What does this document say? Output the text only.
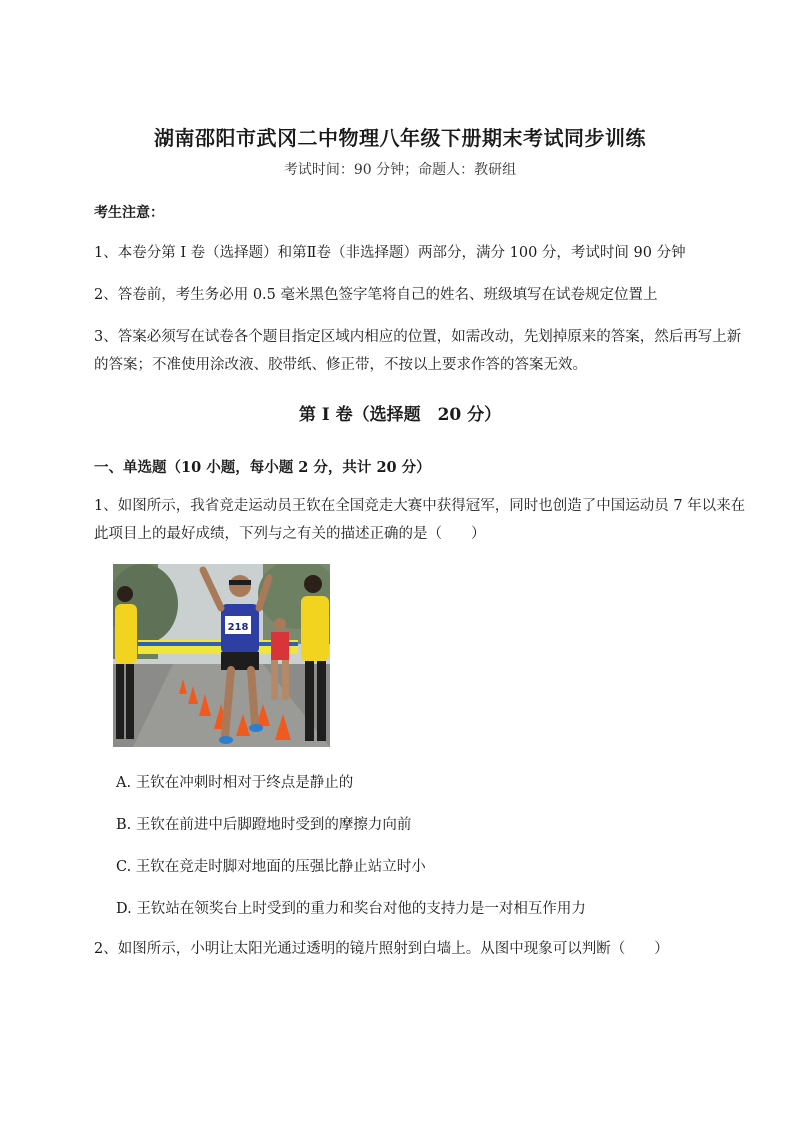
湖南邵阳市武冈二中物理八年级下册期末考试同步训练
考试时间：90 分钟；命题人：教研组
考生注意：
1、本卷分第 I 卷（选择题）和第Ⅱ卷（非选择题）两部分，满分 100 分，考试时间 90 分钟
2、答卷前，考生务必用 0.5 毫米黑色签字笔将自己的姓名、班级填写在试卷规定位置上
3、答案必须写在试卷各个题目指定区域内相应的位置，如需改动，先划掉原来的答案，然后再写上新的答案；不准使用涂改液、胶带纸、修正带，不按以上要求作答的答案无效。
第 I 卷（选择题　20 分）
一、单选题（10 小题，每小题 2 分，共计 20 分）
1、如图所示，我省竞走运动员王钦在全国竞走大赛中获得冠军，同时也创造了中国运动员 7 年以来在此项目上的最好成绩，下列与之有关的描述正确的是（　　）
218
A. 王钦在冲刺时相对于终点是静止的
B. 王钦在前进中后脚蹬地时受到的摩擦力向前
C. 王钦在竞走时脚对地面的压强比静止站立时小
D. 王钦站在领奖台上时受到的重力和奖台对他的支持力是一对相互作用力
2、如图所示，小明让太阳光通过透明的镜片照射到白墙上。从图中现象可以判断（　　）
